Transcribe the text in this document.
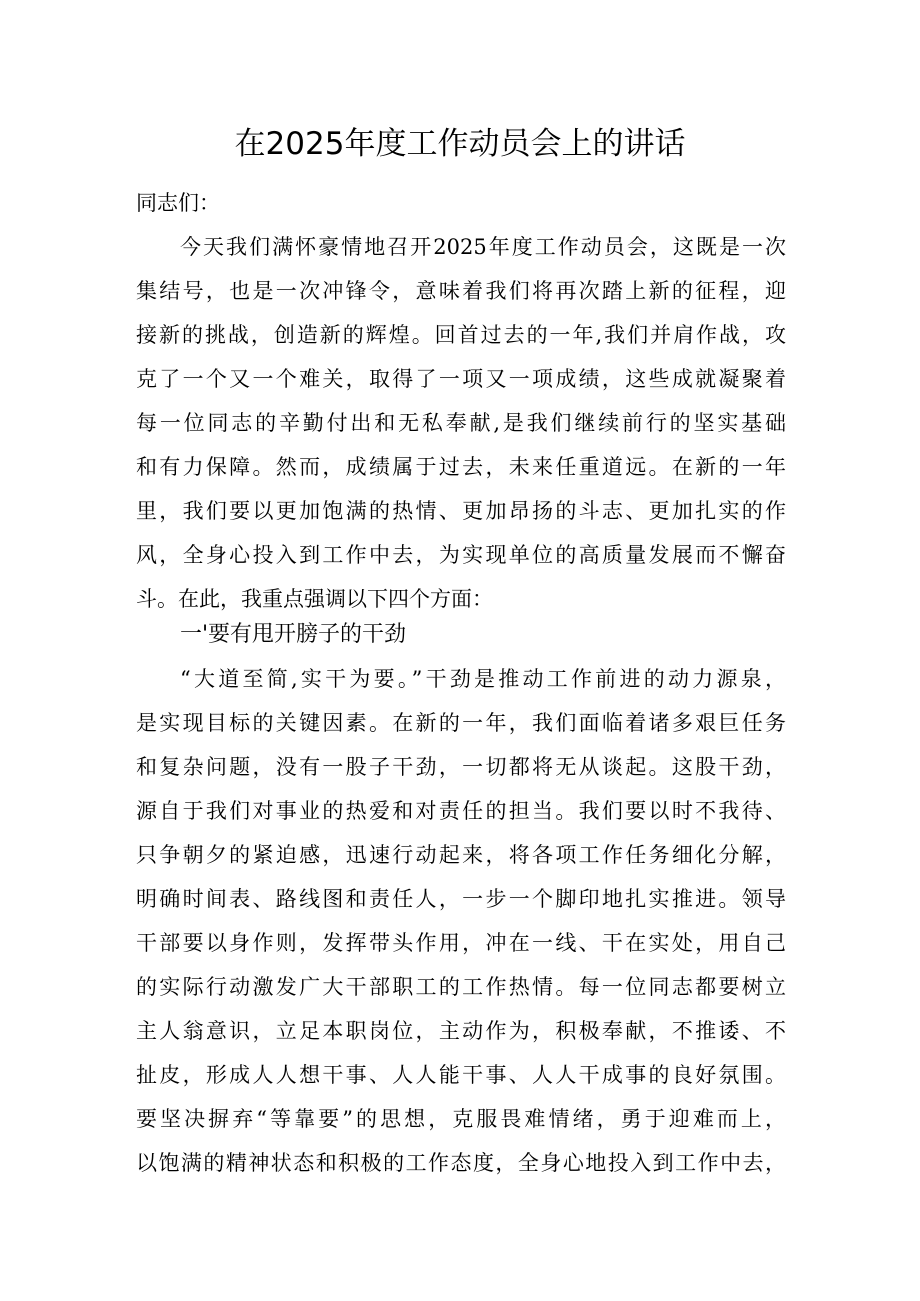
在2025年度工作动员会上的讲话

同志们：

今天我们满怀豪情地召开2025年度工作动员会，这既是一次

集结号，也是一次冲锋令，意味着我们将再次踏上新的征程，迎

接新的挑战，创造新的辉煌。回首过去的一年,我们并肩作战，攻

克了一个又一个难关，取得了一项又一项成绩，这些成就凝聚着

每一位同志的辛勤付出和无私奉献,是我们继续前行的坚实基础

和有力保障。然而，成绩属于过去，未来任重道远。在新的一年

里，我们要以更加饱满的热情、更加昂扬的斗志、更加扎实的作

风，全身心投入到工作中去，为实现单位的高质量发展而不懈奋

斗。在此，我重点强调以下四个方面：

一'要有甩开膀子的干劲

“大道至简,实干为要。”干劲是推动工作前进的动力源泉，

是实现目标的关键因素。在新的一年，我们面临着诸多艰巨任务

和复杂问题，没有一股子干劲，一切都将无从谈起。这股干劲，

源自于我们对事业的热爱和对责任的担当。我们要以时不我待、

只争朝夕的紧迫感，迅速行动起来，将各项工作任务细化分解，

明确时间表、路线图和责任人，一步一个脚印地扎实推进。领导

干部要以身作则，发挥带头作用，冲在一线、干在实处，用自己

的实际行动激发广大干部职工的工作热情。每一位同志都要树立

主人翁意识，立足本职岗位，主动作为，积极奉献，不推诿、不

扯皮，形成人人想干事、人人能干事、人人干成事的良好氛围。

要坚决摒弃“等靠要”的思想，克服畏难情绪，勇于迎难而上，

以饱满的精神状态和积极的工作态度，全身心地投入到工作中去，
